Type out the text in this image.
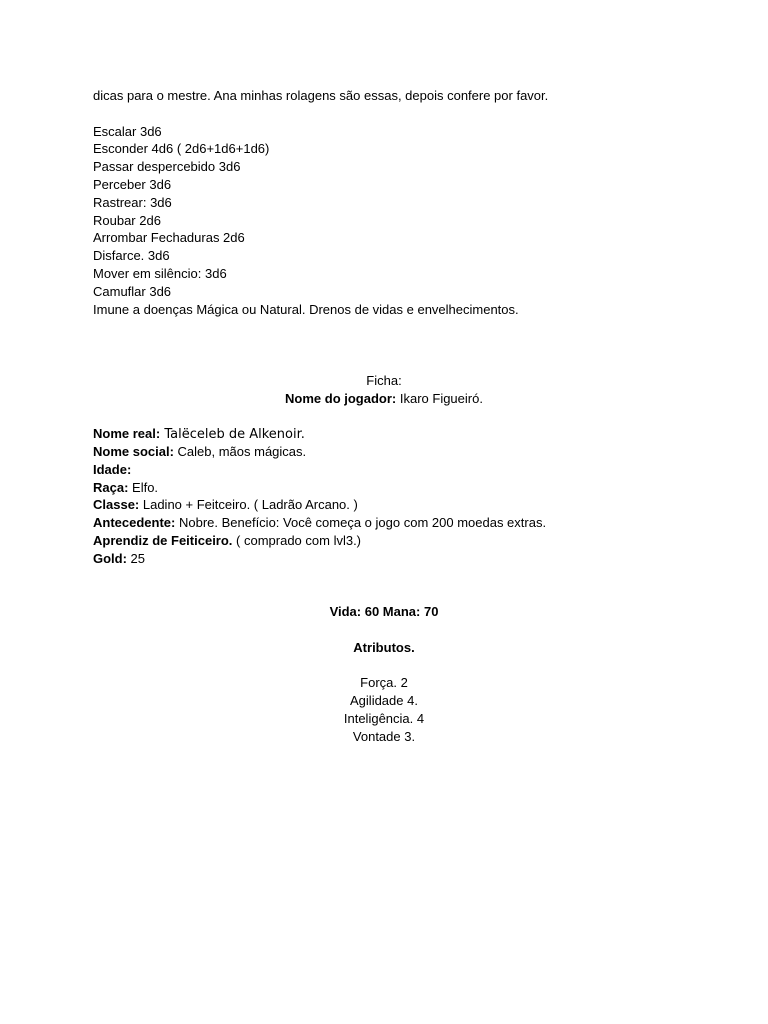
dicas para o mestre. Ana minhas rolagens são essas, depois confere por favor.
Escalar 3d6
Esconder 4d6 ( 2d6+1d6+1d6)
Passar despercebido 3d6
Perceber 3d6
Rastrear: 3d6
Roubar 2d6
Arrombar Fechaduras 2d6
Disfarce. 3d6
Mover em silêncio: 3d6
Camuflar 3d6
Imune a doenças Mágica ou Natural. Drenos de vidas e envelhecimentos.
Ficha:
Nome do jogador: Ikaro Figueiró.
Nome real: Talëceleb de Alkenoir.
Nome social: Caleb, mãos mágicas.
Idade:
Raça: Elfo.
Classe: Ladino + Feitceiro. ( Ladrão Arcano. )
Antecedente: Nobre. Benefício: Você começa o jogo com 200 moedas extras.
Aprendiz de Feiticeiro. ( comprado com lvl3.)
Gold: 25
Vida: 60 Mana: 70
Atributos.
Força. 2
Agilidade 4.
Inteligência. 4
Vontade 3.
